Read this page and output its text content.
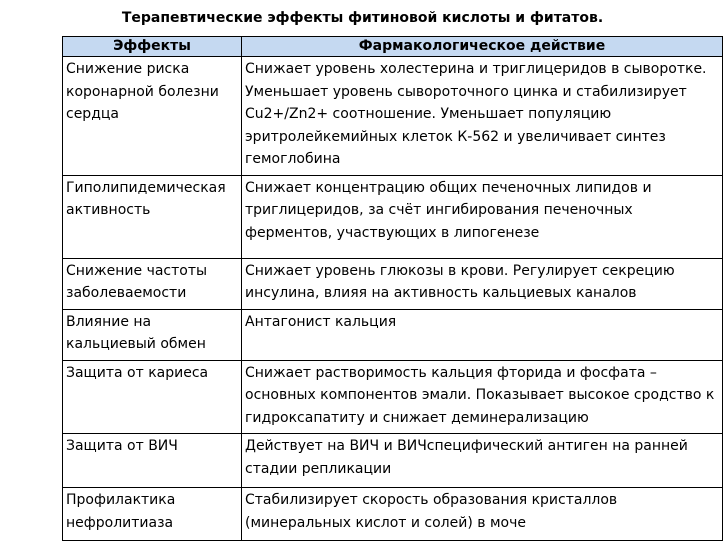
Терапевтические эффекты фитиновой кислоты и фитатов.
Эффекты	Фармакологическое действие
Снижение риска коронарной болезни сердца	Снижает уровень холестерина и триглицеридов в сыворотке. Уменьшает уровень сывороточного цинка и стабилизирует Cu2+/Zn2+ соотношение. Уменьшает популяцию эритролейкемийных клеток К-562 и увеличивает синтез гемоглобина
Гиполипидемическая активность	Снижает концентрацию общих печеночных липидов и триглицеридов, за счёт ингибирования печеночных ферментов, участвующих в липогенезе
Снижение частоты заболеваемости	Снижает уровень глюкозы в крови. Регулирует секрецию инсулина, влияя на активность кальциевых каналов
Влияние на кальциевый обмен	Антагонист кальция
Защита от кариеса	Снижает растворимость кальция фторида и фосфата – основных компонентов эмали. Показывает высокое сродство к гидроксапатиту и снижает деминерализацию
Защита от ВИЧ	Действует на ВИЧ и ВИЧспецифический антиген на ранней стадии репликации
Профилактика нефролитиаза	Стабилизирует скорость образования кристаллов (минеральных кислот и солей) в моче
